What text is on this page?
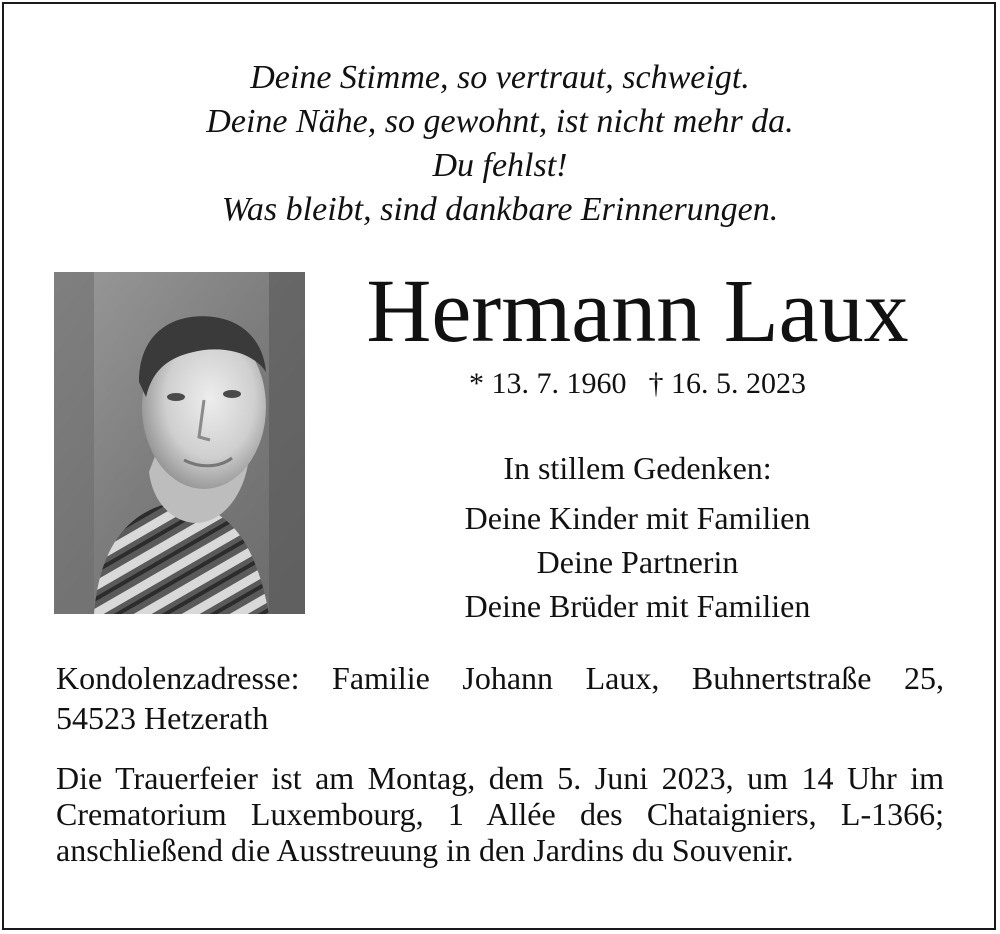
Deine Stimme, so vertraut, schweigt.
Deine Nähe, so gewohnt, ist nicht mehr da.
Du fehlst!
Was bleibt, sind dankbare Erinnerungen.
Hermann Laux
* 13. 7. 1960 † 16. 5. 2023
In stillem Gedenken:
Deine Kinder mit Familien
Deine Partnerin
Deine Brüder mit Familien
Kondolenzadresse: Familie Johann Laux, Buhnertstraße 25,
54523 Hetzerath
Die Trauerfeier ist am Montag, dem 5. Juni 2023, um 14 Uhr im
Crematorium Luxembourg, 1 Allée des Chataigniers, L-1366;
anschließend die Ausstreuung in den Jardins du Souvenir.
